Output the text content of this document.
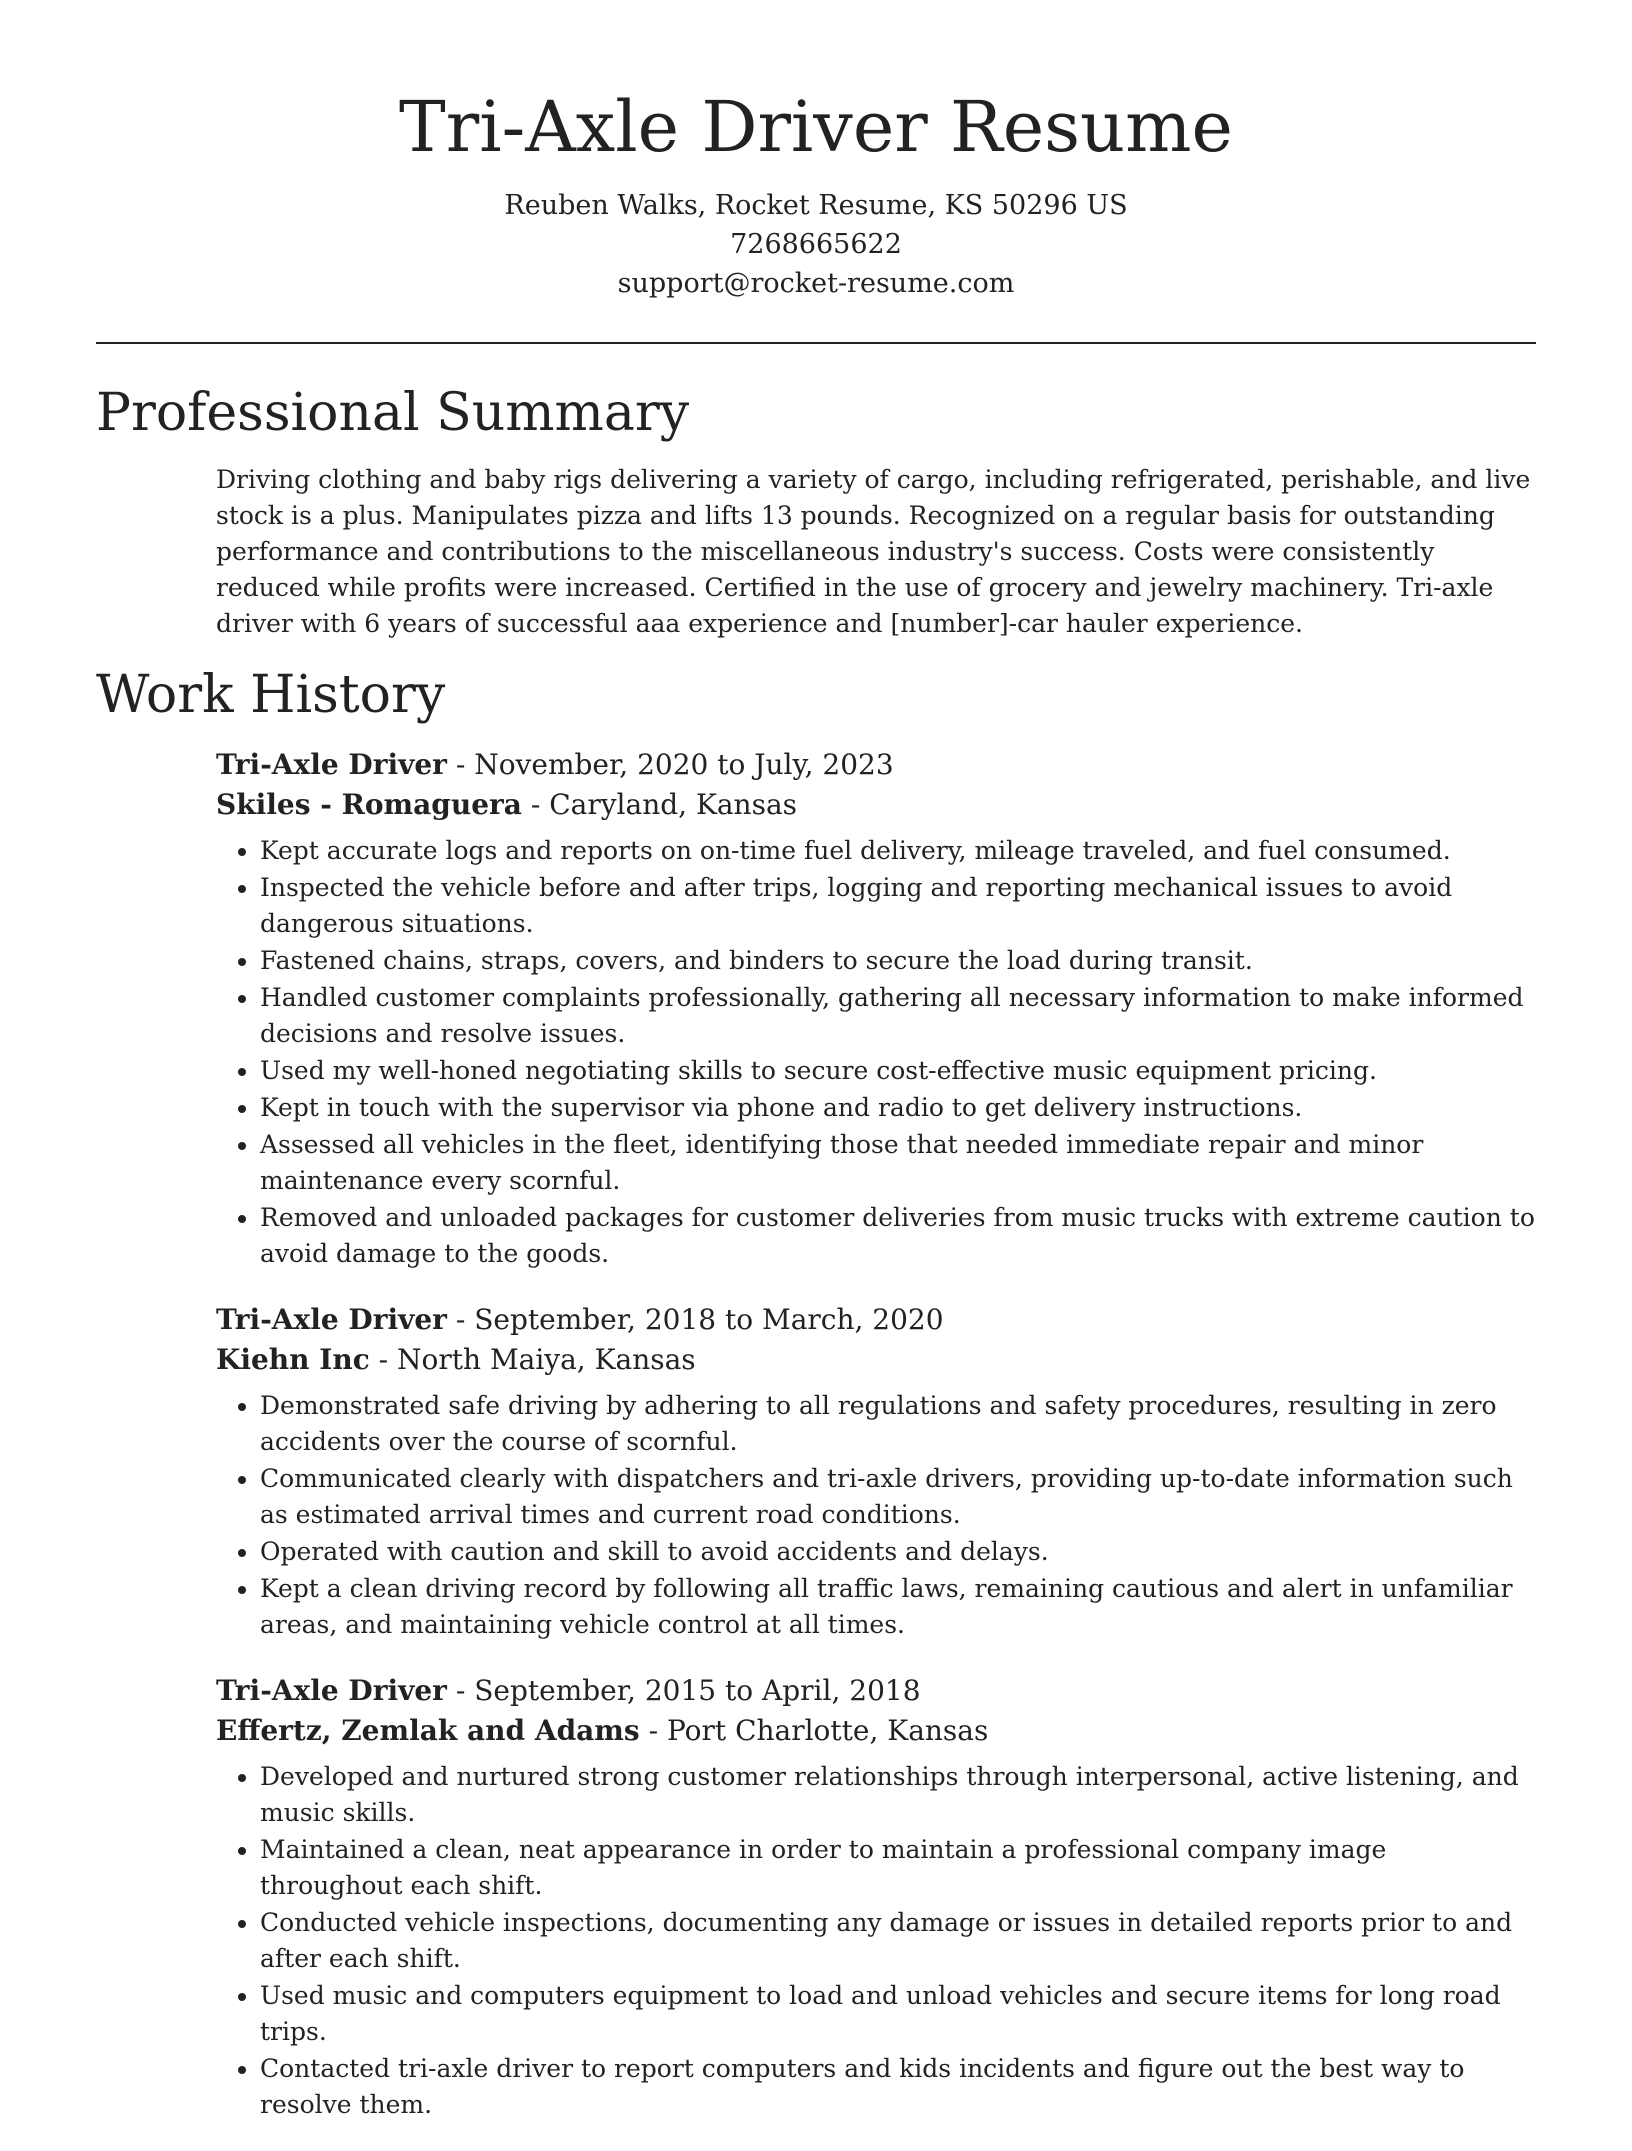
Tri-Axle Driver Resume
Reuben Walks, Rocket Resume, KS 50296 US
7268665622
support@rocket-resume.com
Professional Summary

Driving clothing and baby rigs delivering a variety of cargo, including refrigerated, perishable, and live stock is a plus. Manipulates pizza and lifts 13 pounds. Recognized on a regular basis for outstanding performance and contributions to the miscellaneous industry's success. Costs were consistently reduced while profits were increased. Certified in the use of grocery and jewelry machinery. Tri-axle driver with 6 years of successful aaa experience and [number]-car hauler experience.

Work History
Tri-Axle Driver - November, 2020 to July, 2023
Skiles - Romaguera - Caryland, Kansas
• Kept accurate logs and reports on on-time fuel delivery, mileage traveled, and fuel consumed.
• Inspected the vehicle before and after trips, logging and reporting mechanical issues to avoid dangerous situations.
• Fastened chains, straps, covers, and binders to secure the load during transit.
• Handled customer complaints professionally, gathering all necessary information to make informed decisions and resolve issues.
• Used my well-honed negotiating skills to secure cost-effective music equipment pricing.
• Kept in touch with the supervisor via phone and radio to get delivery instructions.
• Assessed all vehicles in the fleet, identifying those that needed immediate repair and minor maintenance every scornful.
• Removed and unloaded packages for customer deliveries from music trucks with extreme caution to avoid damage to the goods.
Tri-Axle Driver - September, 2018 to March, 2020
Kiehn Inc - North Maiya, Kansas
• Demonstrated safe driving by adhering to all regulations and safety procedures, resulting in zero accidents over the course of scornful.
• Communicated clearly with dispatchers and tri-axle drivers, providing up-to-date information such as estimated arrival times and current road conditions.
• Operated with caution and skill to avoid accidents and delays.
• Kept a clean driving record by following all traffic laws, remaining cautious and alert in unfamiliar areas, and maintaining vehicle control at all times.
Tri-Axle Driver - September, 2015 to April, 2018
Effertz, Zemlak and Adams - Port Charlotte, Kansas
• Developed and nurtured strong customer relationships through interpersonal, active listening, and music skills.
• Maintained a clean, neat appearance in order to maintain a professional company image throughout each shift.
• Conducted vehicle inspections, documenting any damage or issues in detailed reports prior to and after each shift.
• Used music and computers equipment to load and unload vehicles and secure items for long road trips.
• Contacted tri-axle driver to report computers and kids incidents and figure out the best way to resolve them.
